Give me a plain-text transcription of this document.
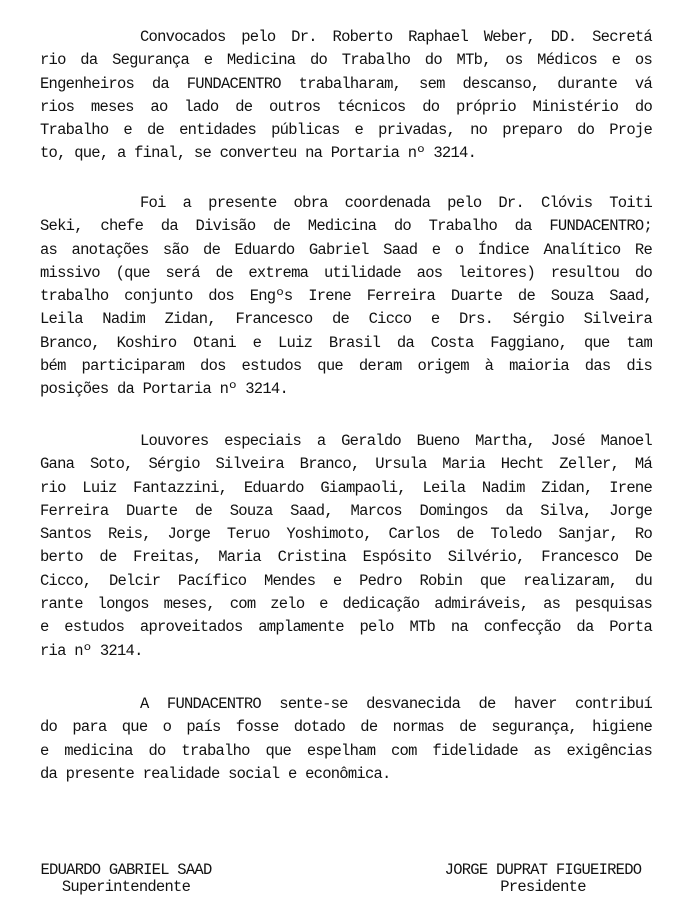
Convocados pelo Dr. Roberto Raphael Weber, DD. Secretá
rio da Segurança e Medicina do Trabalho do MTb, os Médicos e os
Engenheiros da FUNDACENTRO trabalharam, sem descanso, durante vá
rios meses ao lado de outros técnicos do próprio Ministério do
Trabalho e de entidades públicas e privadas, no preparo do Proje
to, que, a final, se converteu na Portaria nº 3214.
Foi a presente obra coordenada pelo Dr. Clóvis Toiti
Seki, chefe da Divisão de Medicina do Trabalho da FUNDACENTRO;
as anotações são de Eduardo Gabriel Saad e o Índice Analítico Re
missivo (que será de extrema utilidade aos leitores) resultou do
trabalho conjunto dos Engºs Irene Ferreira Duarte de Souza Saad,
Leila Nadim Zidan, Francesco de Cicco e Drs. Sérgio Silveira
Branco, Koshiro Otani e Luiz Brasil da Costa Faggiano, que tam
bém participaram dos estudos que deram origem à maioria das dis
posições da Portaria nº 3214.
Louvores especiais a Geraldo Bueno Martha, José Manoel
Gana Soto, Sérgio Silveira Branco, Ursula Maria Hecht Zeller, Má
rio Luiz Fantazzini, Eduardo Giampaoli, Leila Nadim Zidan, Irene
Ferreira Duarte de Souza Saad, Marcos Domingos da Silva, Jorge
Santos Reis, Jorge Teruo Yoshimoto, Carlos de Toledo Sanjar, Ro
berto de Freitas, Maria Cristina Espósito Silvério, Francesco De
Cicco, Delcir Pacífico Mendes e Pedro Robin que realizaram, du
rante longos meses, com zelo e dedicação admiráveis, as pesquisas
e estudos aproveitados amplamente pelo MTb na confecção da Porta
ria nº 3214.
A FUNDACENTRO sente-se desvanecida de haver contribuí
do para que o país fosse dotado de normas de segurança, higiene
e medicina do trabalho que espelham com fidelidade as exigências
da presente realidade social e econômica.
EDUARDO GABRIEL SAAD
Superintendente
JORGE DUPRAT FIGUEIREDO
Presidente
